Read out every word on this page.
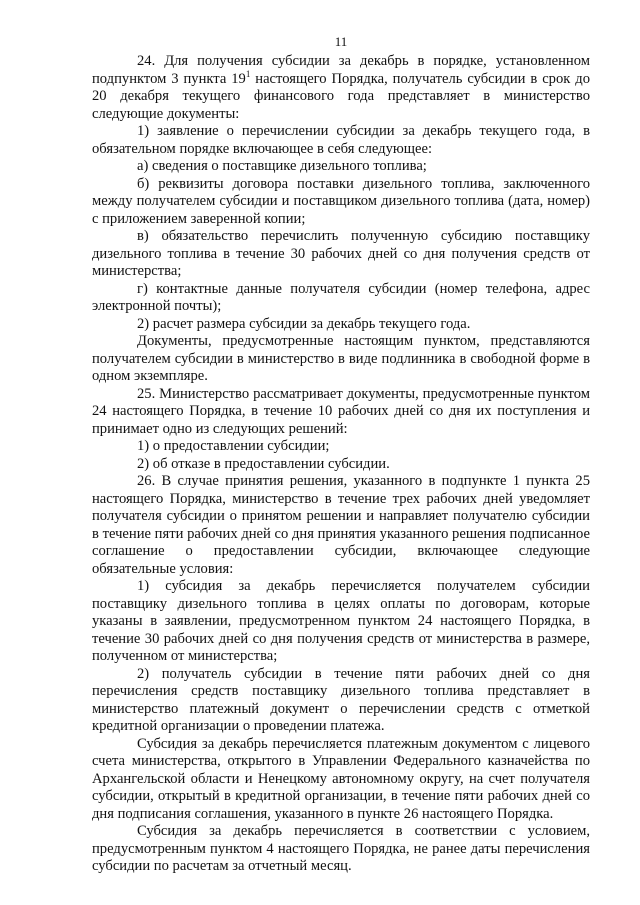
11

24. Для получения субсидии за декабрь в порядке, установленном подпунктом 3 пункта $19^1$ настоящего Порядка, получатель субсидии в срок до 20 декабря текущего финансового года представляет в министерство следующие документы:

1) заявление о перечислении субсидии за декабрь текущего года, в обязательном порядке включающее в себя следующее:

а) сведения о поставщике дизельного топлива;

б) реквизиты договора поставки дизельного топлива, заключенного между получателем субсидии и поставщиком дизельного топлива (дата, номер) с приложением заверенной копии;

в) обязательство перечислить полученную субсидию поставщику дизельного топлива в течение 30 рабочих дней со дня получения средств от министерства;

г) контактные данные получателя субсидии (номер телефона, адрес электронной почты);

2) расчет размера субсидии за декабрь текущего года.

Документы, предусмотренные настоящим пунктом, представляются получателем субсидии в министерство в виде подлинника в свободной форме в одном экземпляре.

25. Министерство рассматривает документы, предусмотренные пунктом 24 настоящего Порядка, в течение 10 рабочих дней со дня их поступления и принимает одно из следующих решений:

1) о предоставлении субсидии;

2) об отказе в предоставлении субсидии.

26. В случае принятия решения, указанного в подпункте 1 пункта 25 настоящего Порядка, министерство в течение трех рабочих дней уведомляет получателя субсидии о принятом решении и направляет получателю субсидии в течение пяти рабочих дней со дня принятия указанного решения подписанное соглашение о предоставлении субсидии, включающее следующие обязательные условия:

1) субсидия за декабрь перечисляется получателем субсидии поставщику дизельного топлива в целях оплаты по договорам, которые указаны в заявлении, предусмотренном пунктом 24 настоящего Порядка, в течение 30 рабочих дней со дня получения средств от министерства в размере, полученном от министерства;

2) получатель субсидии в течение пяти рабочих дней со дня перечисления средств поставщику дизельного топлива представляет в министерство платежный документ о перечислении средств с отметкой кредитной организации о проведении платежа.

Субсидия за декабрь перечисляется платежным документом с лицевого счета министерства, открытого в Управлении Федерального казначейства по Архангельской области и Ненецкому автономному округу, на счет получателя субсидии, открытый в кредитной организации, в течение пяти рабочих дней со дня подписания соглашения, указанного в пункте 26 настоящего Порядка.

Субсидия за декабрь перечисляется в соответствии с условием, предусмотренным пунктом 4 настоящего Порядка, не ранее даты перечисления субсидии по расчетам за отчетный месяц.
